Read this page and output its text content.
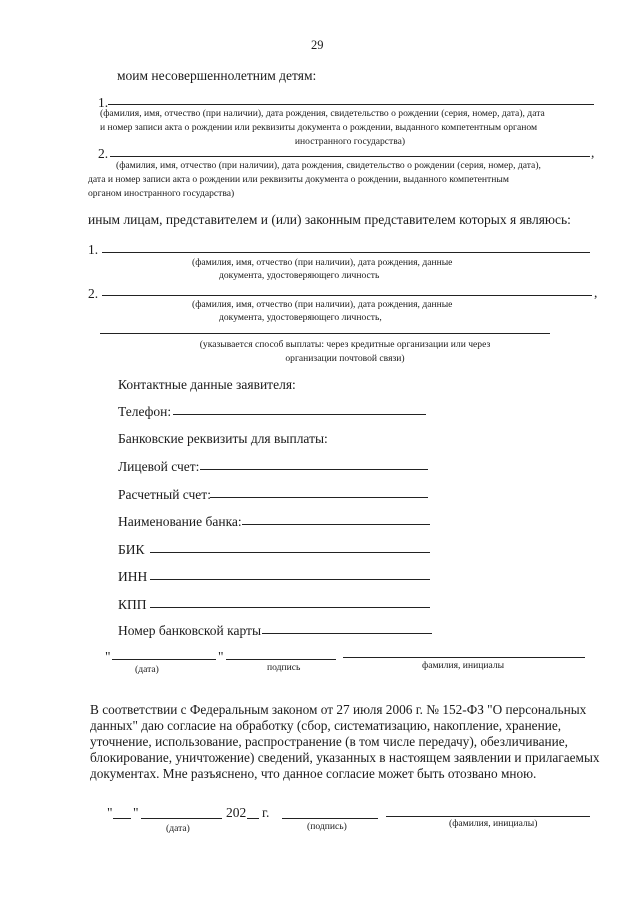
29
моим несовершеннолетним детям:
1.
(фамилия, имя, отчество (при наличии), дата рождения, свидетельство о рождении (серия, номер, дата), дата
и номер записи акта о рождении или реквизиты документа о рождении, выданного компетентным органом
иностранного государства)
2.	,
(фамилия, имя, отчество (при наличии), дата рождения, свидетельство о рождении (серия, номер, дата),
дата и номер записи акта о рождении или реквизиты документа о рождении, выданного компетентным
органом иностранного государства)
иным лицам, представителем и (или) законным представителем которых я являюсь:
1.
(фамилия, имя, отчество (при наличии), дата рождения, данные
документа, удостоверяющего личность
2.	,
(фамилия, имя, отчество (при наличии), дата рождения, данные
документа, удостоверяющего личность,
(указывается способ выплаты: через кредитные организации или через
организации почтовой связи)
Контактные данные заявителя:
Телефон:
Банковские реквизиты для выплаты:
Лицевой счет:
Расчетный счет:
Наименование банка:
БИК
ИНН
КПП
Номер банковской карты
"	"
(дата)	подпись	фамилия, инициалы
В соответствии с Федеральным законом от 27 июля 2006 г. № 152-ФЗ "О персональных
данных" даю согласие на обработку (сбор, систематизацию, накопление, хранение,
уточнение, использование, распространение (в том числе передачу), обезличивание,
блокирование, уничтожение) сведений, указанных в настоящем заявлении и прилагаемых
документах. Мне разъяснено, что данное согласие может быть отозвано мною.
" "	202 г.
(дата)	(подпись)	(фамилия, инициалы)
